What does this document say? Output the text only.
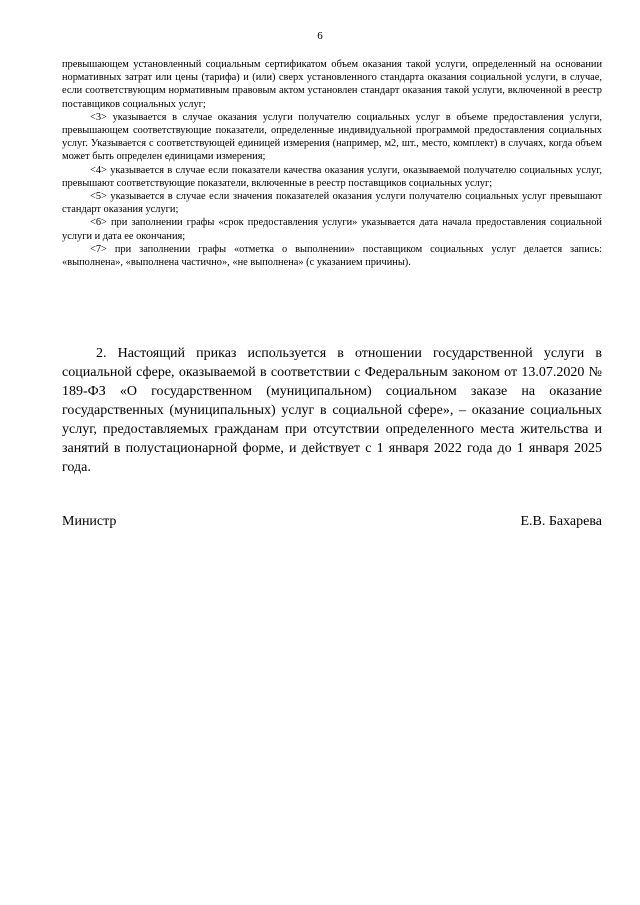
6

превышающем установленный социальным сертификатом объем оказания такой услуги, определенный на основании нормативных затрат или цены (тарифа) и (или) сверх установленного стандарта оказания социальной услуги, в случае, если соответствующим нормативным правовым актом установлен стандарт оказания такой услуги, включенной в реестр поставщиков социальных услуг;

<3> указывается в случае оказания услуги получателю социальных услуг в объеме предоставления услуги, превышающем соответствующие показатели, определенные индивидуальной программой предоставления социальных услуг. Указывается с соответствующей единицей измерения (например, м2, шт., место, комплект) в случаях, когда объем может быть определен единицами измерения;

<4> указывается в случае если показатели качества оказания услуги, оказываемой получателю социальных услуг, превышают соответствующие показатели, включенные в реестр поставщиков социальных услуг;

<5> указывается в случае если значения показателей оказания услуги получателю социальных услуг превышают стандарт оказания услуги;

<6> при заполнении графы «срок предоставления услуги» указывается дата начала предоставления социальной услуги и дата ее окончания;

<7> при заполнении графы «отметка о выполнении» поставщиком социальных услуг делается запись: «выполнена», «выполнена частично», «не выполнена» (с указанием причины).

2. Настоящий приказ используется в отношении государственной услуги в социальной сфере, оказываемой в соответствии с Федеральным законом от 13.07.2020 № 189-ФЗ «О государственном (муниципальном) социальном заказе на оказание государственных (муниципальных) услуг в социальной сфере», – оказание социальных услуг, предоставляемых гражданам при отсутствии определенного места жительства и занятий в полустационарной форме, и действует с 1 января 2022 года до 1 января 2025 года.

Министр	Е.В. Бахарева
